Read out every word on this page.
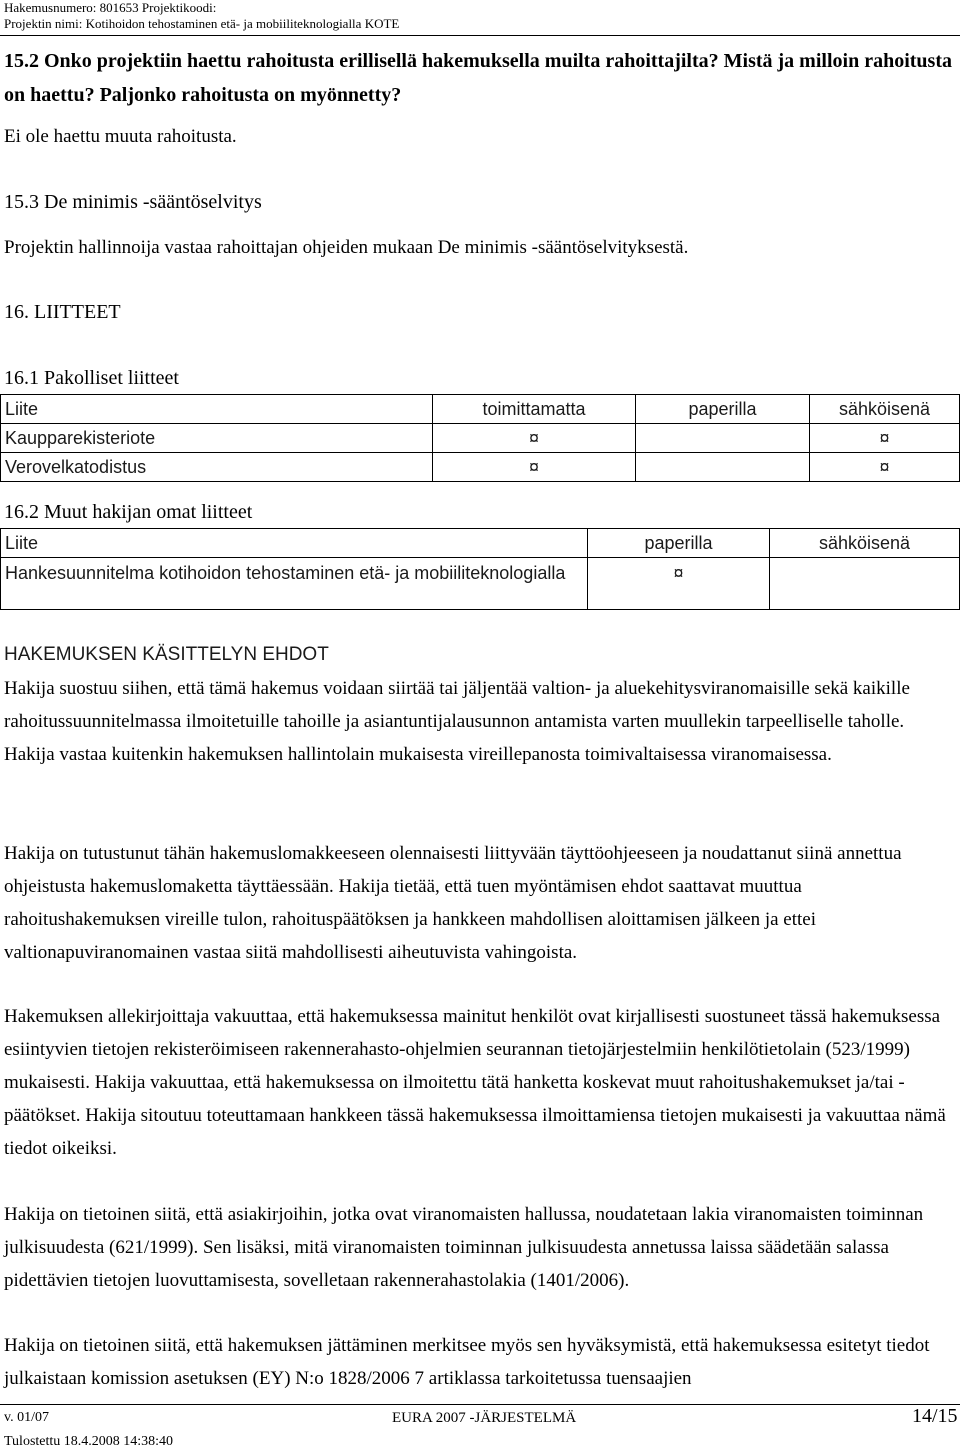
Hakemusnumero: 801653 Projektikoodi:
Projektin nimi: Kotihoidon tehostaminen etä- ja mobiiliteknologialla KOTE
15.2 Onko projektiin haettu rahoitusta erillisellä hakemuksella muilta rahoittajilta? Mistä ja milloin rahoitusta on haettu? Paljonko rahoitusta on myönnetty?
Ei ole haettu muuta rahoitusta.
15.3 De minimis -sääntöselvitys
Projektin hallinnoija vastaa rahoittajan ohjeiden mukaan De minimis -sääntöselvityksestä.
16. LIITTEET
16.1 Pakolliset liitteet
Liite	toimittamatta	paperilla	sähköisenä
Kaupparekisteriote	¤		¤
Verovelkatodistus	¤		¤
16.2 Muut hakijan omat liitteet
Liite	paperilla	sähköisenä
Hankesuunnitelma kotihoidon tehostaminen etä- ja mobiiliteknologialla	¤	
HAKEMUKSEN KÄSITTELYN EHDOT
Hakija suostuu siihen, että tämä hakemus voidaan siirtää tai jäljentää valtion- ja aluekehitysviranomaisille sekä kaikille rahoitussuunnitelmassa ilmoitetuille tahoille ja asiantuntijalausunnon antamista varten muullekin tarpeelliselle taholle. Hakija vastaa kuitenkin hakemuksen hallintolain mukaisesta vireillepanosta toimivaltaisessa viranomaisessa.
Hakija on tutustunut tähän hakemuslomakkeeseen olennaisesti liittyvään täyttöohjeeseen ja noudattanut siinä annettua ohjeistusta hakemuslomaketta täyttäessään. Hakija tietää, että tuen myöntämisen ehdot saattavat muuttua rahoitushakemuksen vireille tulon, rahoituspäätöksen ja hankkeen mahdollisen aloittamisen jälkeen ja ettei valtionapuviranomainen vastaa siitä mahdollisesti aiheutuvista vahingoista.
Hakemuksen allekirjoittaja vakuuttaa, että hakemuksessa mainitut henkilöt ovat kirjallisesti suostuneet tässä hakemuksessa esiintyvien tietojen rekisteröimiseen rakennerahasto-ohjelmien seurannan tietojärjestelmiin henkilötietolain (523/1999) mukaisesti. Hakija vakuuttaa, että hakemuksessa on ilmoitettu tätä hanketta koskevat muut rahoitushakemukset ja/tai -päätökset. Hakija sitoutuu toteuttamaan hankkeen tässä hakemuksessa ilmoittamiensa tietojen mukaisesti ja vakuuttaa nämä tiedot oikeiksi.
Hakija on tietoinen siitä, että asiakirjoihin, jotka ovat viranomaisten hallussa, noudatetaan lakia viranomaisten toiminnan julkisuudesta (621/1999). Sen lisäksi, mitä viranomaisten toiminnan julkisuudesta annetussa laissa säädetään salassa pidettävien tietojen luovuttamisesta, sovelletaan rakennerahastolakia (1401/2006).
Hakija on tietoinen siitä, että hakemuksen jättäminen merkitsee myös sen hyväksymistä, että hakemuksessa esitetyt tiedot julkaistaan komission asetuksen (EY) N:o 1828/2006 7 artiklassa tarkoitetussa tuensaajien
v. 01/07	EURA 2007 -JÄRJESTELMÄ	14/15
Tulostettu 18.4.2008 14:38:40
